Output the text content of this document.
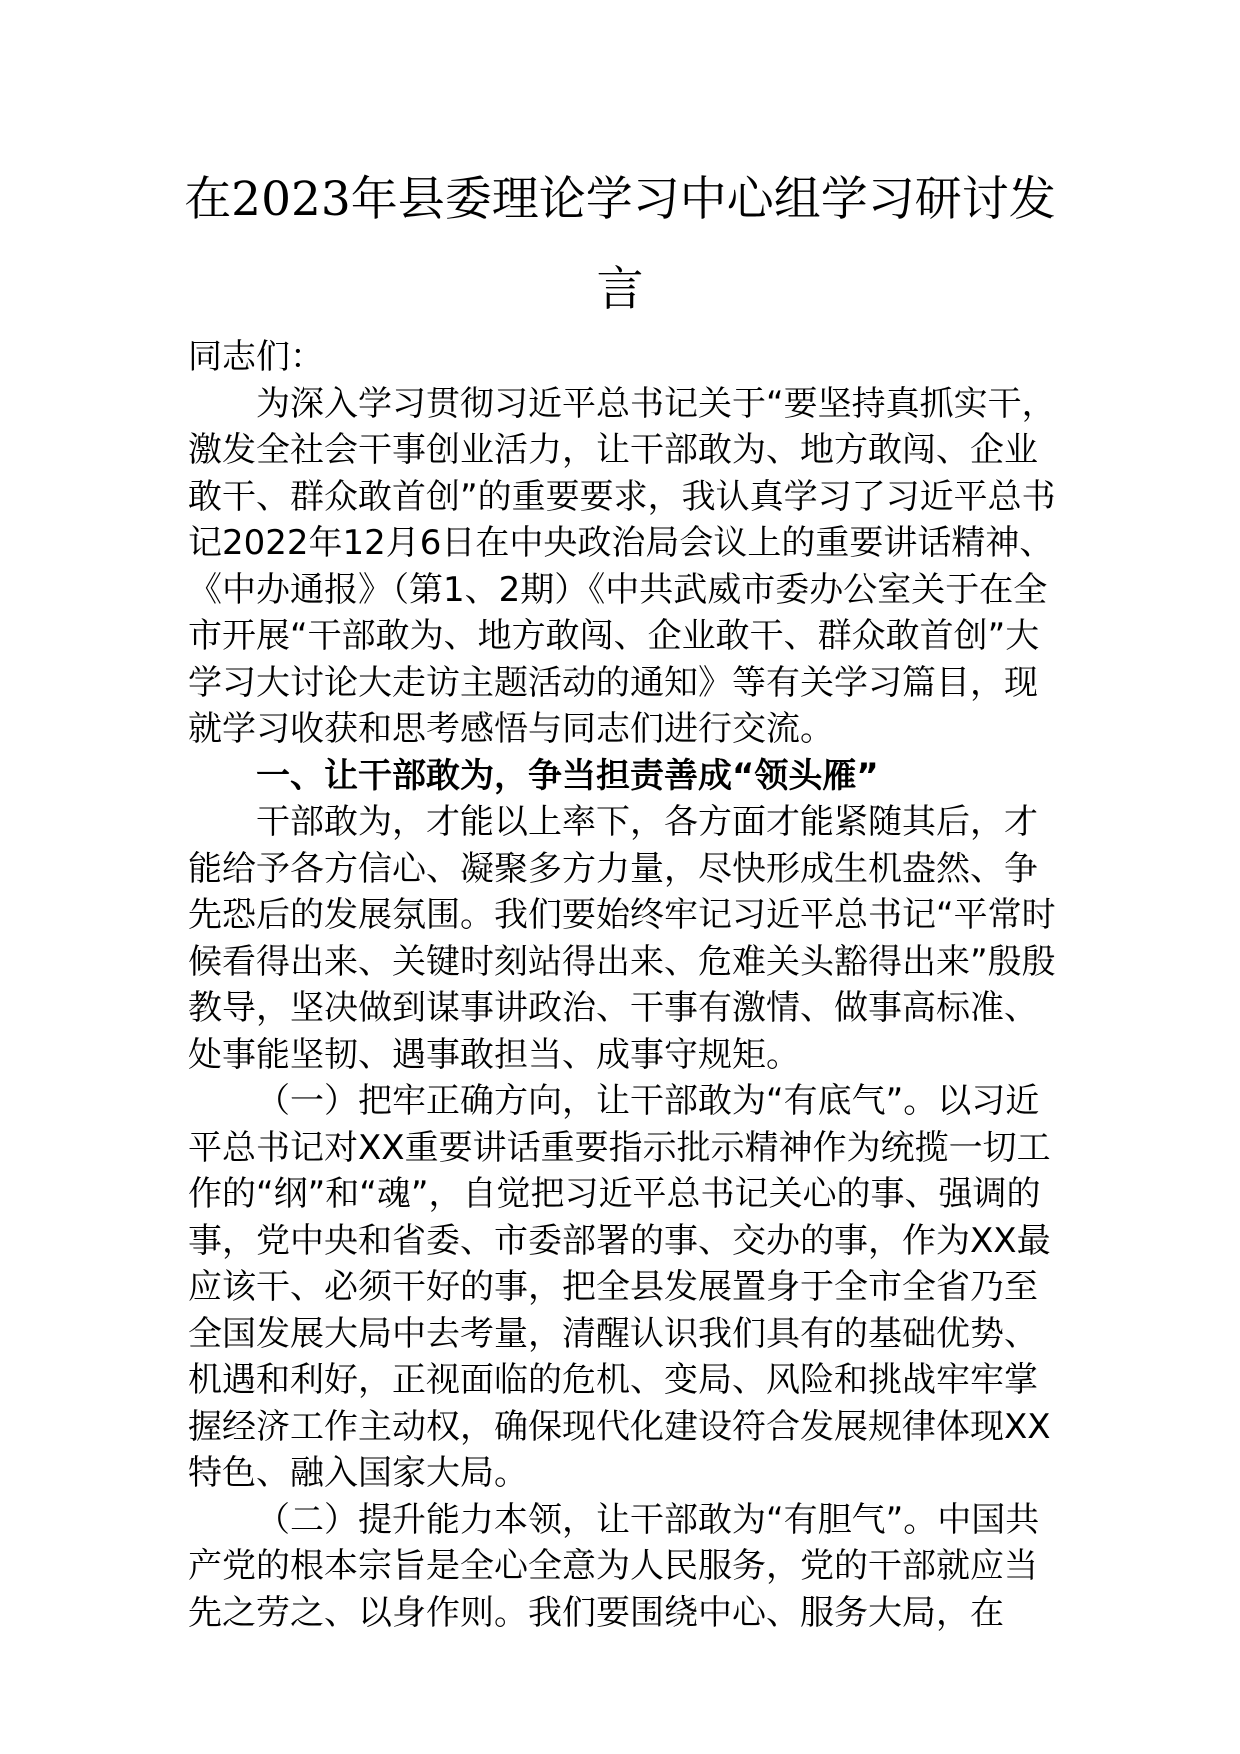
在2023年县委理论学习中心组学习研讨发
言

同志们：

为深入学习贯彻习近平总书记关于“要坚持真抓实干，激发全社会干事创业活力，让干部敢为、地方敢闯、企业敢干、群众敢首创”的重要要求，我认真学习了习近平总书记2022年12月6日在中央政治局会议上的重要讲话精神、《中办通报》（第1、2期）《中共武威市委办公室关于在全市开展“干部敢为、地方敢闯、企业敢干、群众敢首创”大学习大讨论大走访主题活动的通知》等有关学习篇目，现就学习收获和思考感悟与同志们进行交流。

一、让干部敢为，争当担责善成“领头雁”

干部敢为，才能以上率下，各方面才能紧随其后，才能给予各方信心、凝聚多方力量，尽快形成生机盎然、争先恐后的发展氛围。我们要始终牢记习近平总书记“平常时候看得出来、关键时刻站得出来、危难关头豁得出来”殷殷教导，坚决做到谋事讲政治、干事有激情、做事高标准、处事能坚韧、遇事敢担当、成事守规矩。

（一）把牢正确方向，让干部敢为“有底气”。以习近平总书记对XX重要讲话重要指示批示精神作为统揽一切工作的“纲”和“魂”，自觉把习近平总书记关心的事、强调的事，党中央和省委、市委部署的事、交办的事，作为XX最应该干、必须干好的事，把全县发展置身于全市全省乃至全国发展大局中去考量，清醒认识我们具有的基础优势、机遇和利好，正视面临的危机、变局、风险和挑战牢牢掌握经济工作主动权，确保现代化建设符合发展规律体现XX特色、融入国家大局。

（二）提升能力本领，让干部敢为“有胆气”。中国共产党的根本宗旨是全心全意为人民服务，党的干部就应当先之劳之、以身作则。我们要围绕中心、服务大局，在
